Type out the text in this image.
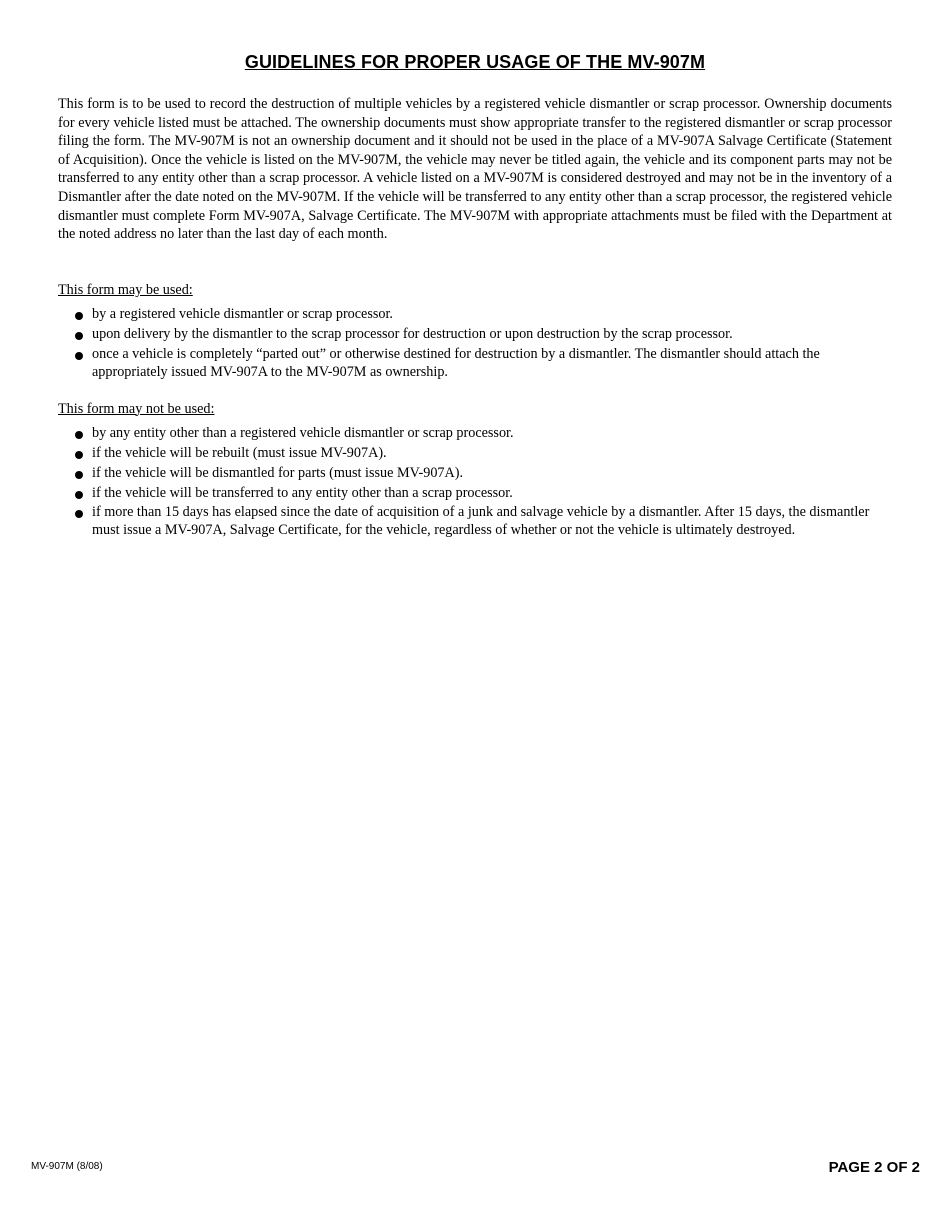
GUIDELINES FOR PROPER USAGE OF THE MV-907M

This form is to be used to record the destruction of multiple vehicles by a registered vehicle dismantler or scrap processor. Ownership documents for every vehicle listed must be attached. The ownership documents must show appropriate transfer to the registered dismantler or scrap processor filing the form. The MV-907M is not an ownership document and it should not be used in the place of a MV-907A Salvage Certificate (Statement of Acquisition). Once the vehicle is listed on the MV-907M, the vehicle may never be titled again, the vehicle and its component parts may not be transferred to any entity other than a scrap processor. A vehicle listed on a MV-907M is considered destroyed and may not be in the inventory of a Dismantler after the date noted on the MV-907M. If the vehicle will be transferred to any entity other than a scrap processor, the registered vehicle dismantler must complete Form MV-907A, Salvage Certificate. The MV-907M with appropriate attachments must be filed with the Department at the noted address no later than the last day of each month.

This form may be used:

by a registered vehicle dismantler or scrap processor.
upon delivery by the dismantler to the scrap processor for destruction or upon destruction by the scrap processor.
once a vehicle is completely “parted out” or otherwise destined for destruction by a dismantler. The dismantler should attach the appropriately issued MV-907A to the MV-907M as ownership.

This form may not be used:

by any entity other than a registered vehicle dismantler or scrap processor.
if the vehicle will be rebuilt (must issue MV-907A).
if the vehicle will be dismantled for parts (must issue MV-907A).
if the vehicle will be transferred to any entity other than a scrap processor.
if more than 15 days has elapsed since the date of acquisition of a junk and salvage vehicle by a dismantler. After 15 days, the dismantler must issue a MV-907A, Salvage Certificate, for the vehicle, regardless of whether or not the vehicle is ultimately destroyed.
MV-907M (8/08)	PAGE 2 OF 2
